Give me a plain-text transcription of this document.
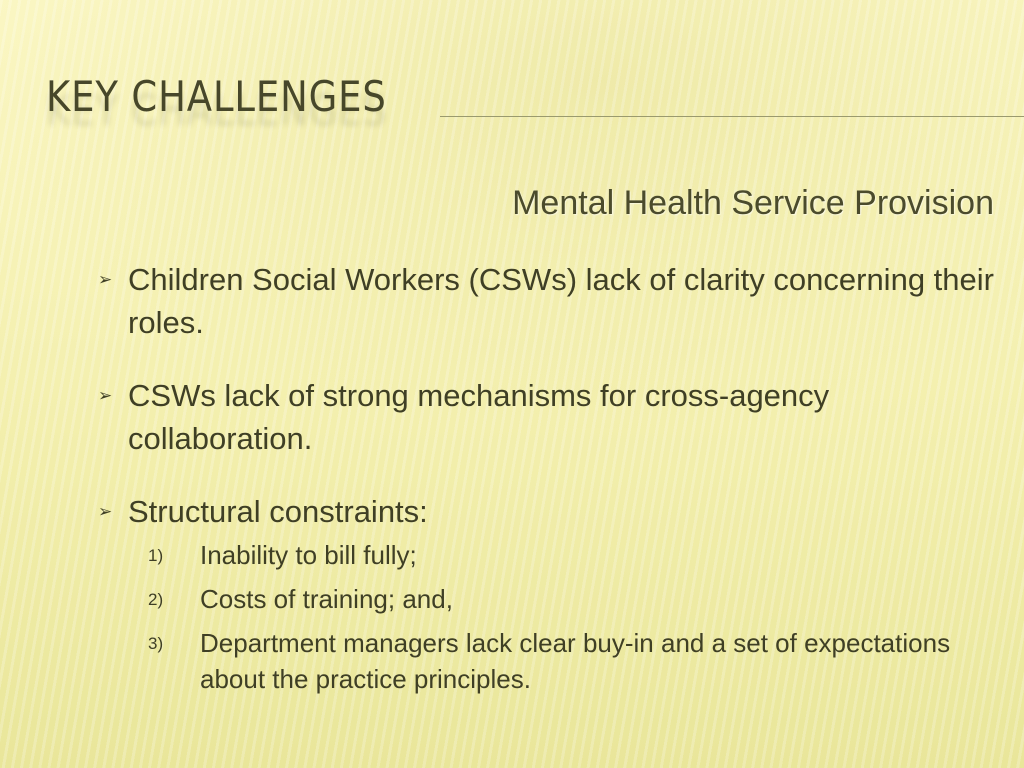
KEY CHALLENGES
Mental Health Service Provision
➢ Children Social Workers (CSWs) lack of clarity concerning their roles.
➢ CSWs lack of strong mechanisms for cross-agency collaboration.
➢ Structural constraints:
1) Inability to bill fully;
2) Costs of training; and,
3) Department managers lack clear buy-in and a set of expectations about the practice principles.
